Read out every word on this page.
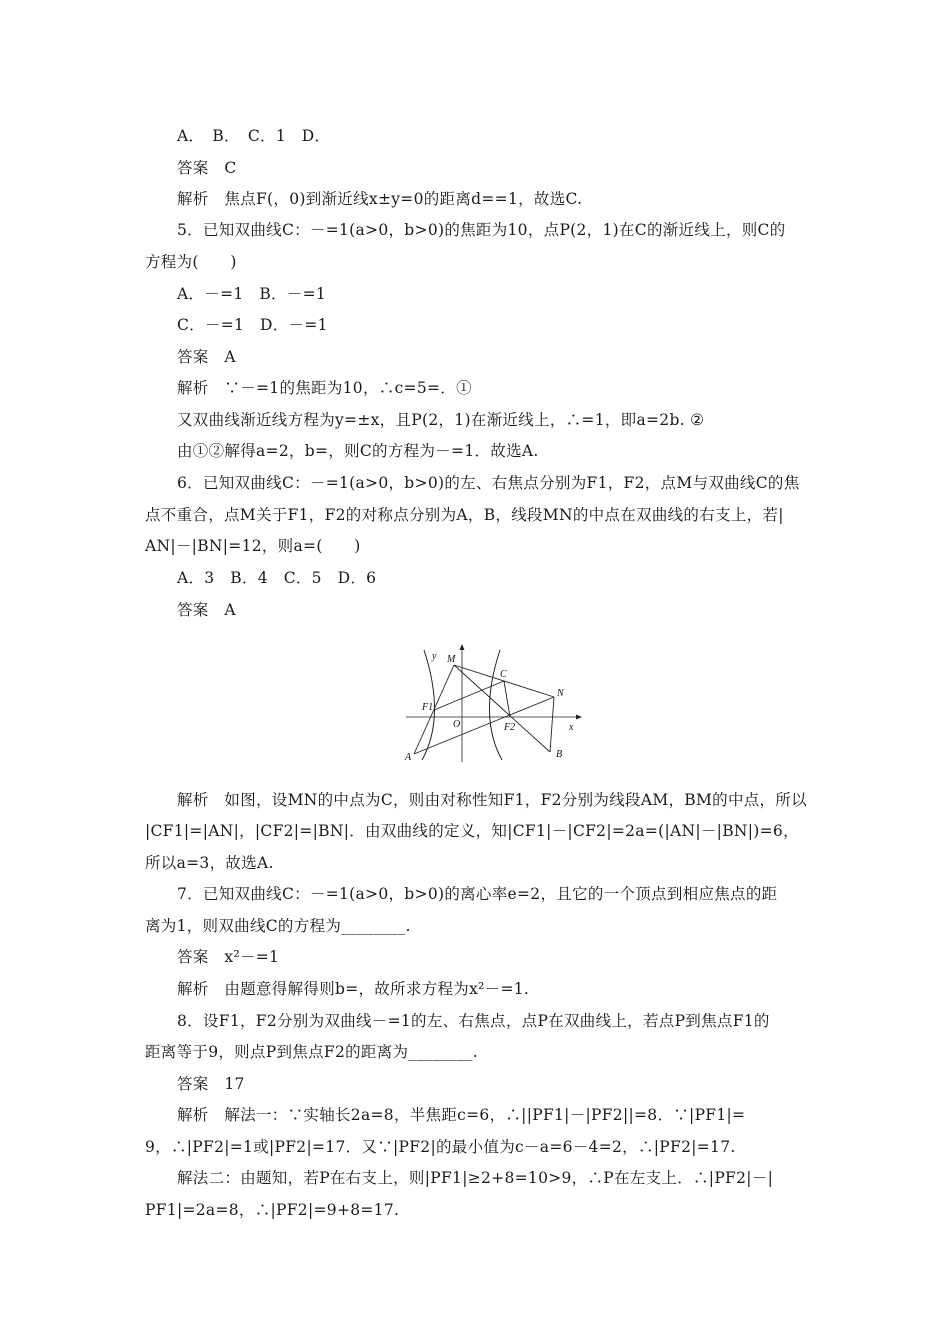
A．　B．　C．1　D．
答案　C
解析　焦点F(，0)到渐近线x±y=0的距离d==1，故选C.
5．已知双曲线C：－=1(a>0，b>0)的焦距为10，点P(2，1)在C的渐近线上，则C的
方程为(　　)
A．－=1　B．－=1
C．－=1　D．－=1
答案　A
解析　∵－=1的焦距为10，∴c=5=．①
又双曲线渐近线方程为y=±x，且P(2，1)在渐近线上，∴=1，即a=2b. ②
由①②解得a=2，b=，则C的方程为－=1．故选A.
6．已知双曲线C：－=1(a>0，b>0)的左、右焦点分别为F1，F2，点M与双曲线C的焦
点不重合，点M关于F1，F2的对称点分别为A，B，线段MN的中点在双曲线的右支上，若|
AN|－|BN|=12，则a=(　　)
A．3　B．4　C．5　D．6
答案　A
y
x
M
C
N
F1
O	F2
A	B
解析　如图，设MN的中点为C，则由对称性知F1，F2分别为线段AM，BM的中点，所以
|CF1|=|AN|，|CF2|=|BN|．由双曲线的定义，知|CF1|－|CF2|=2a=(|AN|－|BN|)=6，
所以a=3，故选A.
7．已知双曲线C：－=1(a>0，b>0)的离心率e=2，且它的一个顶点到相应焦点的距
离为1，则双曲线C的方程为________.
答案　x²－=1
解析　由题意得解得则b=，故所求方程为x²－=1.
8．设F1，F2分别为双曲线－=1的左、右焦点，点P在双曲线上，若点P到焦点F1的
距离等于9，则点P到焦点F2的距离为________.
答案　17
解析　解法一：∵实轴长2a=8，半焦距c=6，∴||PF1|－|PF2||=8．∵|PF1|=
9，∴|PF2|=1或|PF2|=17．又∵|PF2|的最小值为c－a=6－4=2，∴|PF2|=17.
解法二：由题知，若P在右支上，则|PF1|≥2+8=10>9，∴P在左支上．∴|PF2|－|
PF1|=2a=8，∴|PF2|=9+8=17.
